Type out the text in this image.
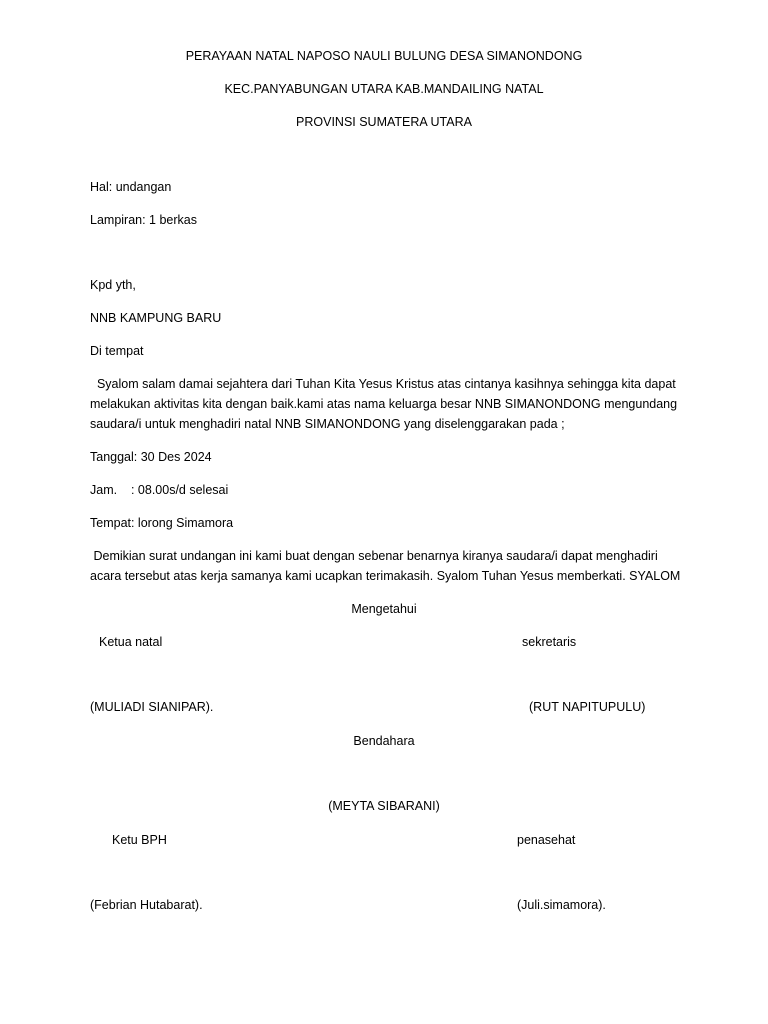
PERAYAAN NATAL NAPOSO NAULI BULUNG DESA SIMANONDONG
KEC.PANYABUNGAN UTARA KAB.MANDAILING NATAL
PROVINSI SUMATERA UTARA
Hal: undangan
Lampiran: 1 berkas
Kpd yth,
NNB KAMPUNG BARU
Di tempat
Syalom salam damai sejahtera dari Tuhan Kita Yesus Kristus atas cintanya kasihnya sehingga kita dapat melakukan aktivitas kita dengan baik.kami atas nama keluarga besar NNB SIMANONDONG mengundang saudara/i untuk menghadiri natal NNB SIMANONDONG yang diselenggarakan pada ;
Tanggal: 30 Des 2024
Jam.    : 08.00s/d selesai
Tempat: lorong Simamora
Demikian surat undangan ini kami buat dengan sebenar benarnya kiranya saudara/i dapat menghadiri acara tersebut atas kerja samanya kami ucapkan terimakasih. Syalom Tuhan Yesus memberkati. SYALOM
Mengetahui
Ketua natal	sekretaris
(MULIADI SIANIPAR).	(RUT NAPITUPULU)
Bendahara
(MEYTA SIBARANI)
Ketu BPH	penasehat
(Febrian Hutabarat).	(Juli.simamora).
